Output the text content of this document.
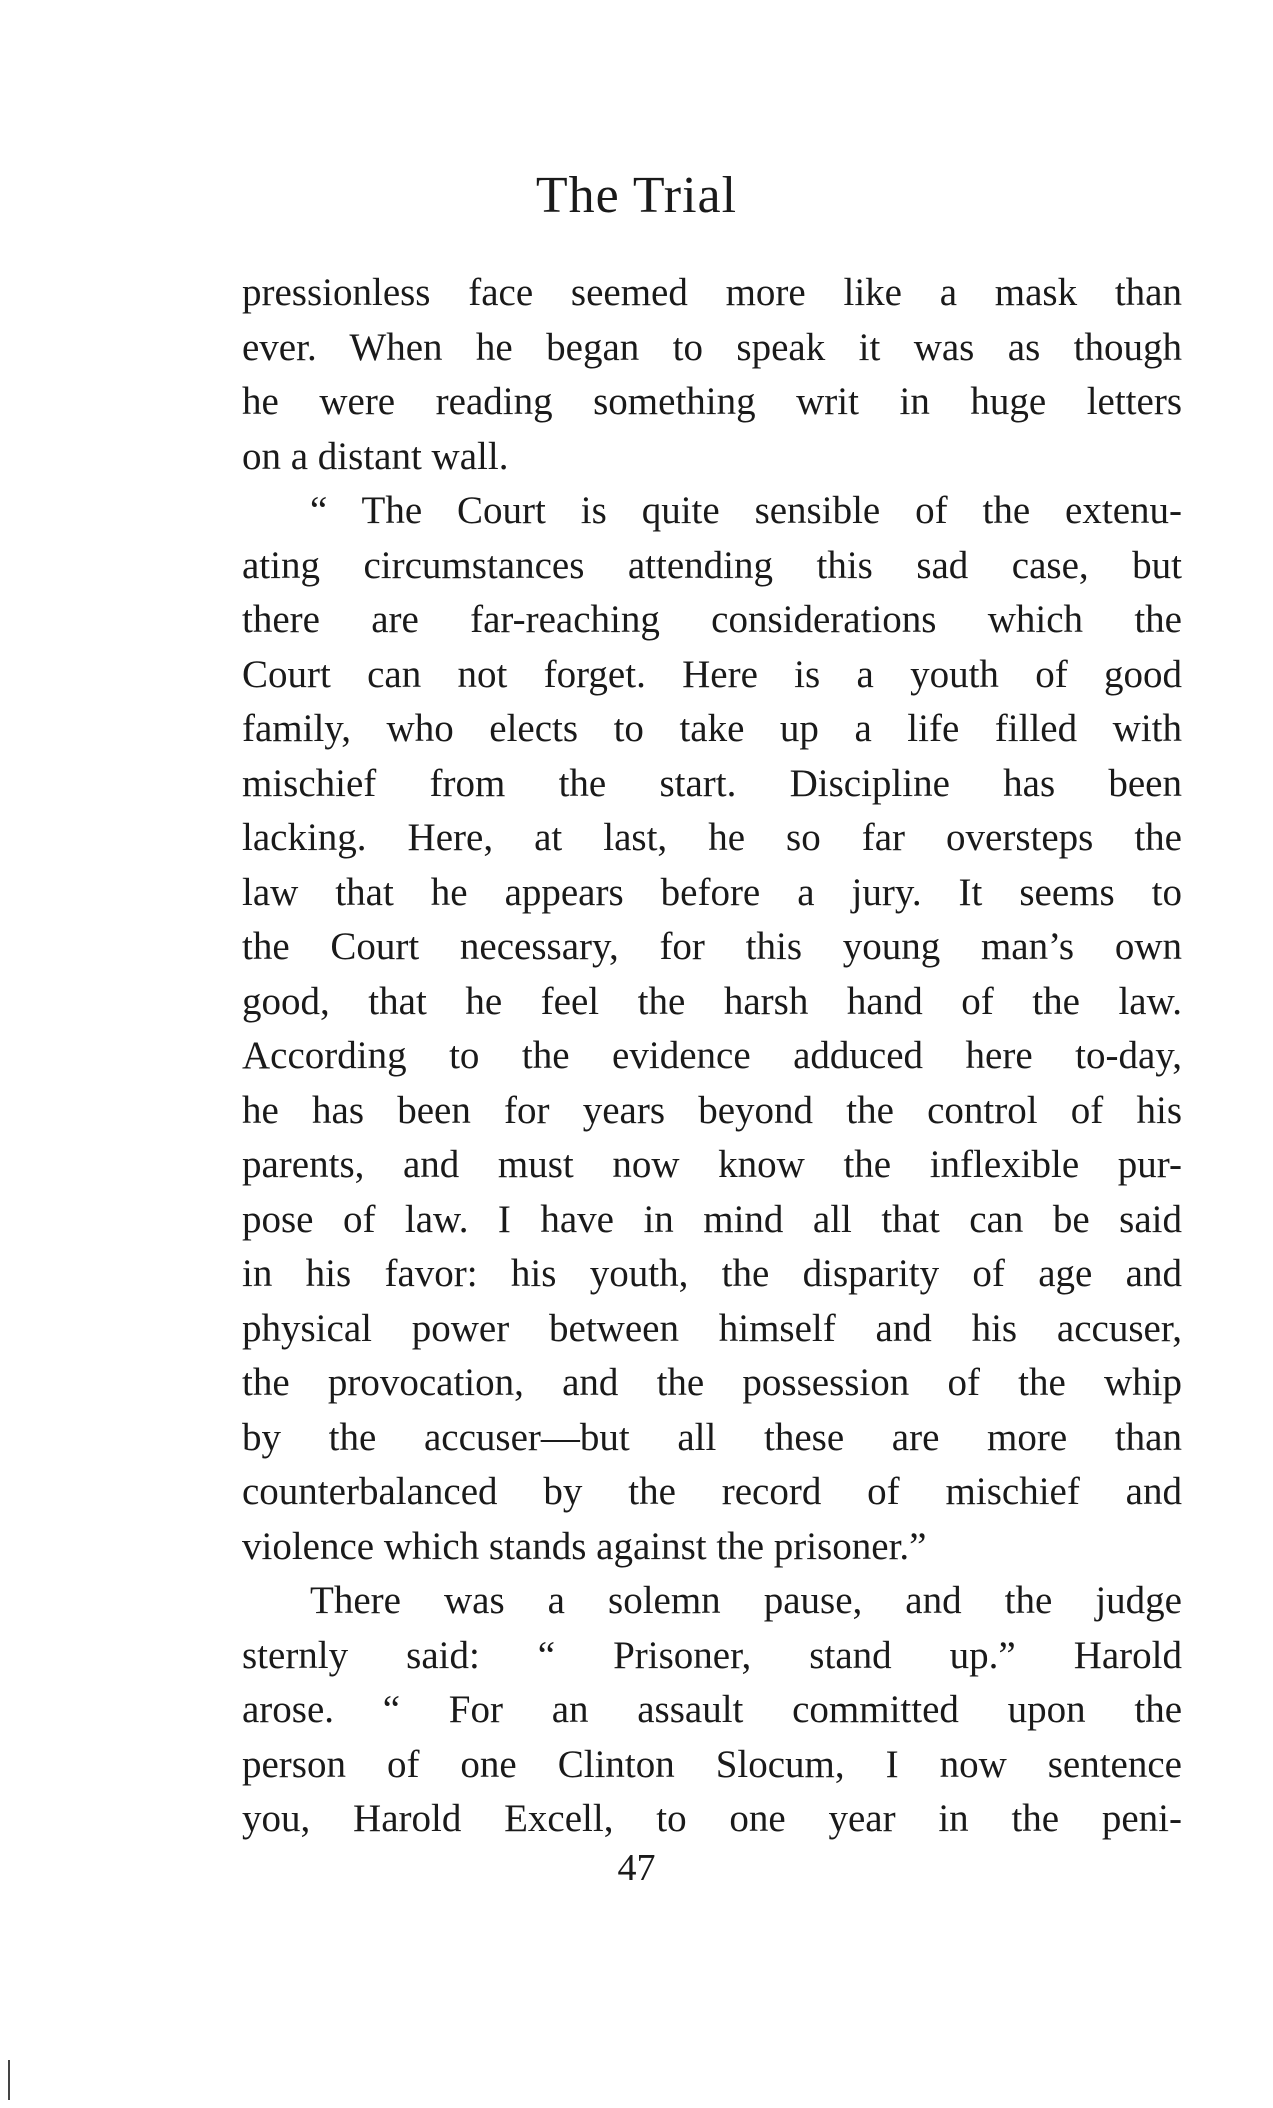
The Trial

pressionless face seemed more like a mask than
ever. When he began to speak it was as though
he were reading something writ in huge letters
on a distant wall.

“ The Court is quite sensible of the extenu-
ating circumstances attending this sad case, but
there are far-reaching considerations which the
Court can not forget. Here is a youth of good
family, who elects to take up a life filled with
mischief from the start. Discipline has been
lacking. Here, at last, he so far oversteps the
law that he appears before a jury. It seems to
the Court necessary, for this young man’s own
good, that he feel the harsh hand of the law.
According to the evidence adduced here to-day,
he has been for years beyond the control of his
parents, and must now know the inflexible pur-
pose of law. I have in mind all that can be said
in his favor: his youth, the disparity of age and
physical power between himself and his accuser,
the provocation, and the possession of the whip
by the accuser—but all these are more than
counterbalanced by the record of mischief and
violence which stands against the prisoner.”

There was a solemn pause, and the judge
sternly said: “ Prisoner, stand up.” Harold
arose. “ For an assault committed upon the
person of one Clinton Slocum, I now sentence
you, Harold Excell, to one year in the peni-

47
